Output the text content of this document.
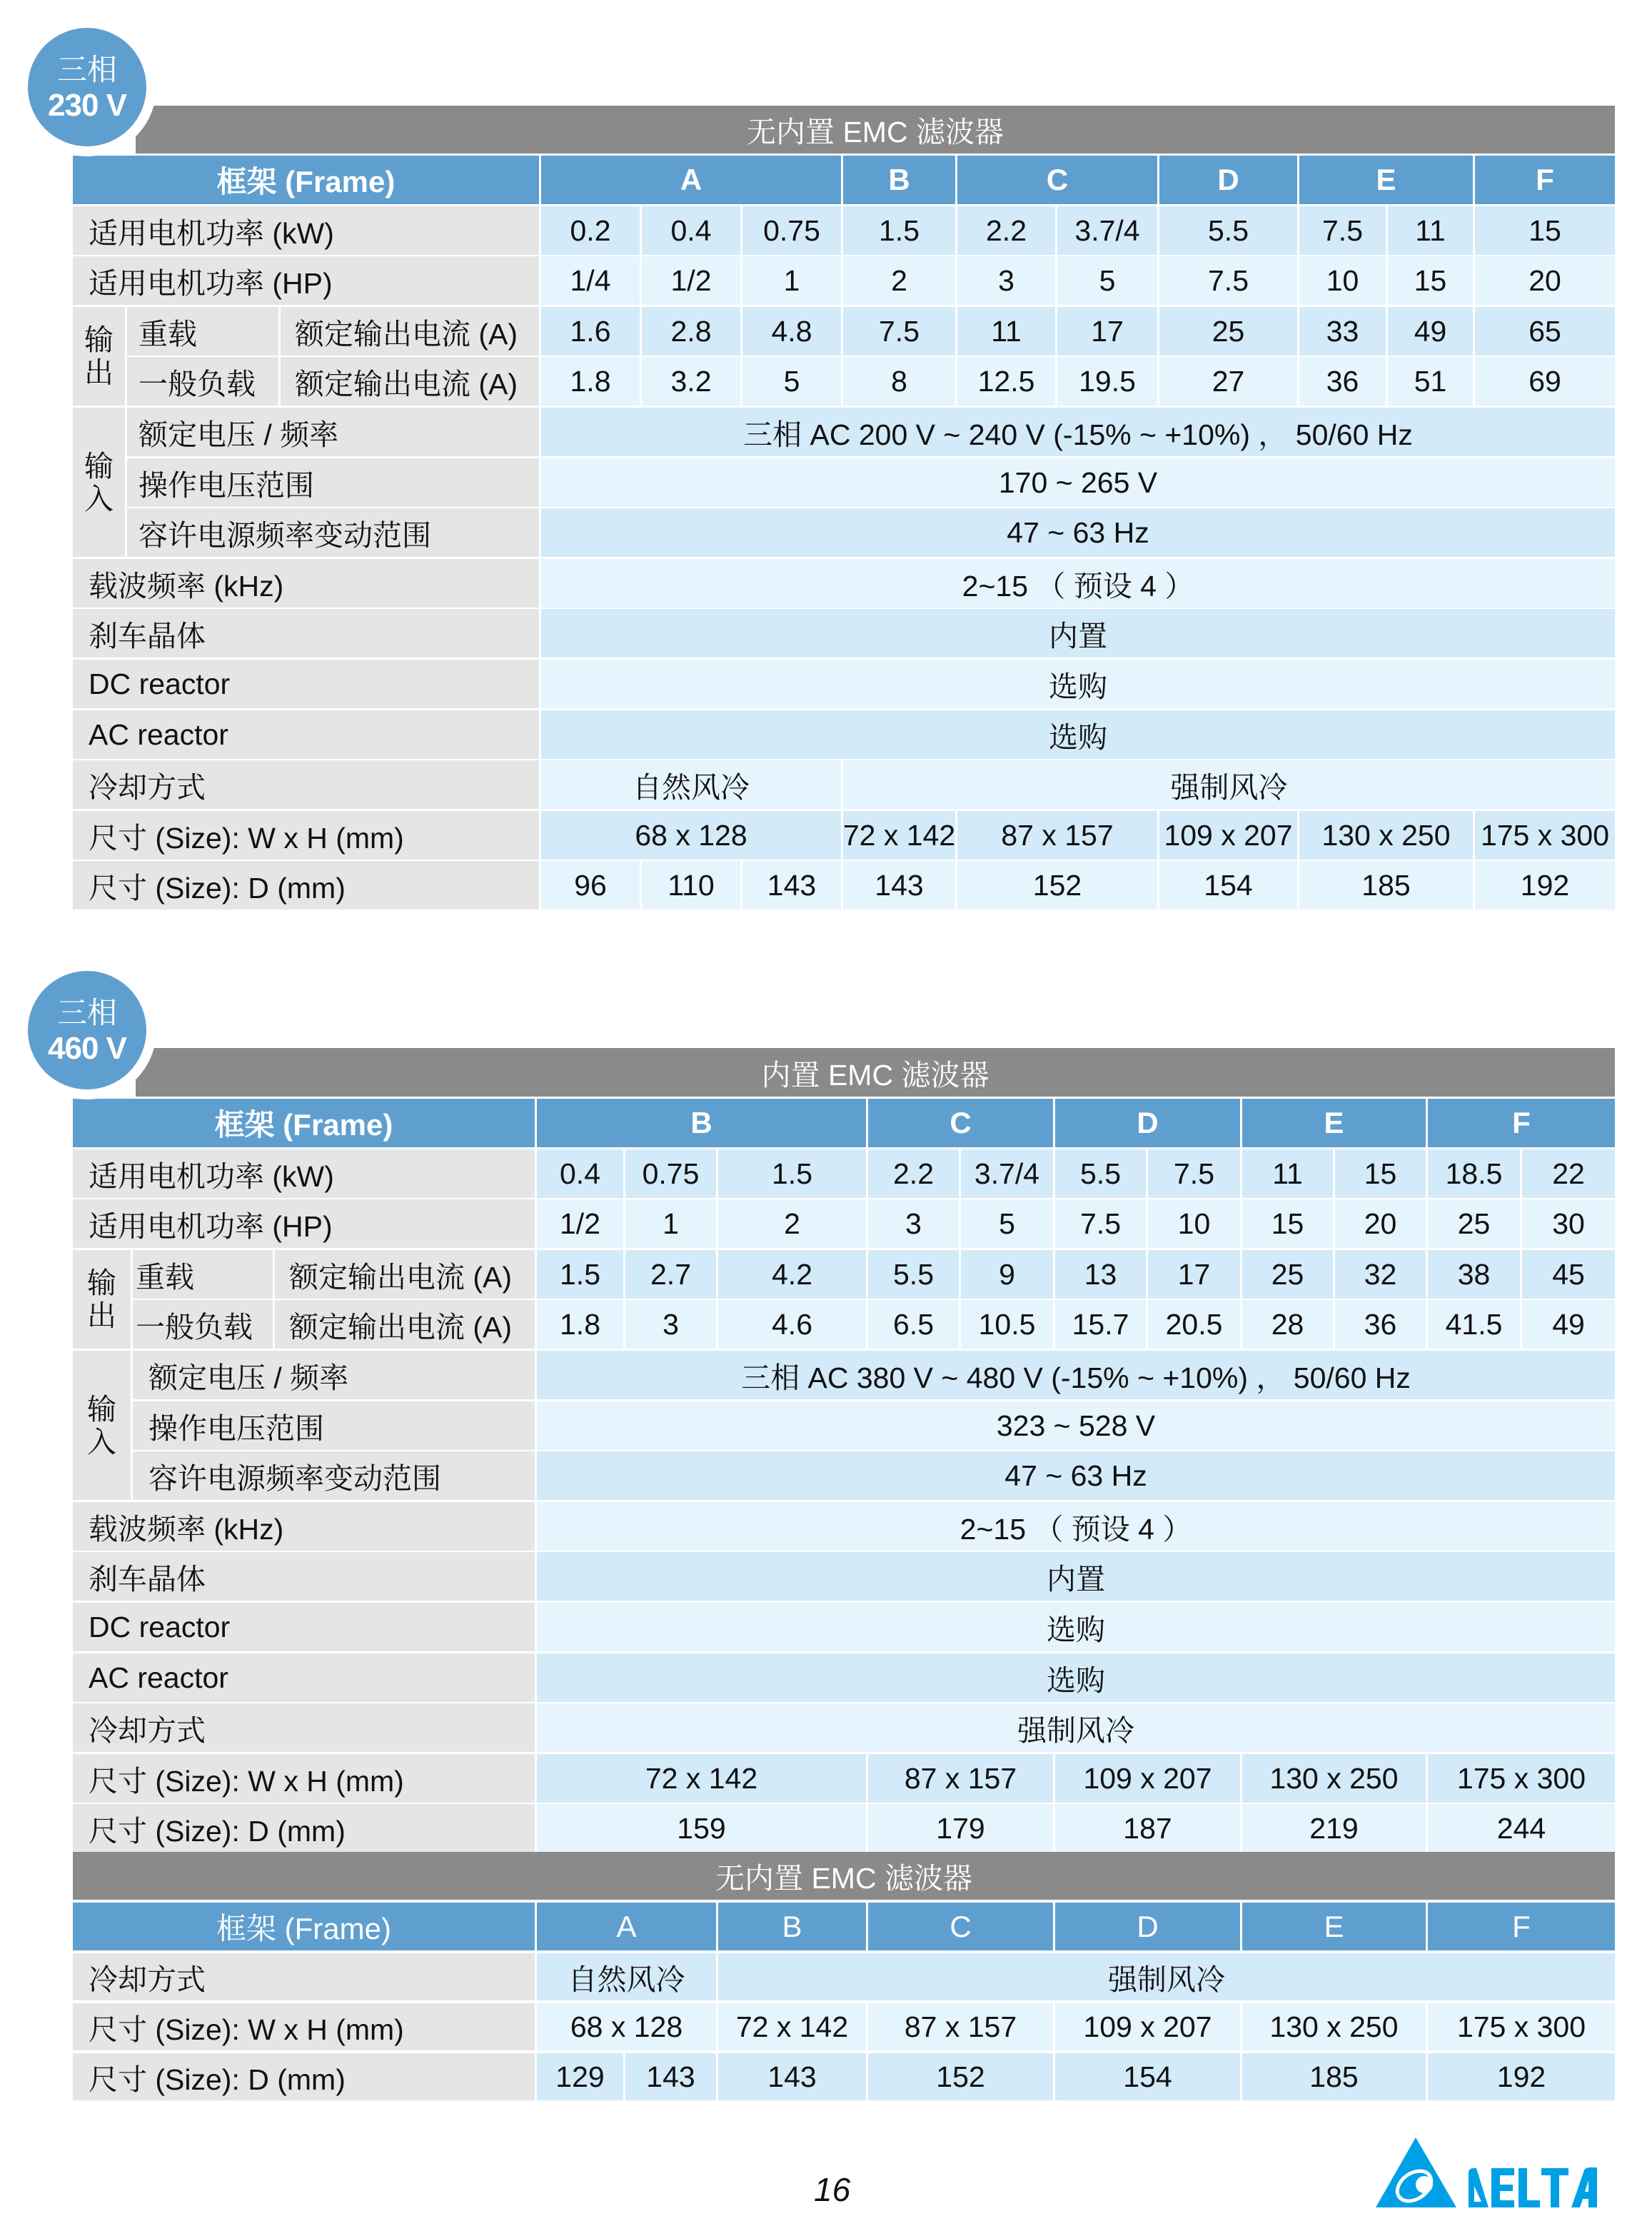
三相
230 V
三相
460 V
无内置 EMC 滤波器
框架 (Frame)	A	B	C	D	E	F
适用电机功率 (kW)	0.2	0.4	0.75	1.5	2.2	3.7/4	5.5	7.5	11	15
适用电机功率 (HP)	1/4	1/2	1	2	3	5	7.5	10	15	20
输
出
重载	额定输出电流 (A)	1.6	2.8	4.8	7.5	11	17	25	33	49	65
一般负载	额定输出电流 (A)	1.8	3.2	5	8	12.5	19.5	27	36	51	69
输
入
额定电压 / 频率	三相 AC 200 V ~ 240 V (-15% ~ +10%) ， 50/60 Hz
操作电压范围	170 ~ 265 V
容许电源频率变动范围	47 ~ 63 Hz
载波频率 (kHz)	2~15 （ 预设 4 ）
刹车晶体	内置
DC reactor	选购
AC reactor	选购
冷却方式	自然风冷	强制风冷
尺寸 (Size): W x H (mm)	68 x 128	72 x 142	87 x 157	109 x 207 130 x 250	175 x 300
尺寸 (Size): D (mm)	96	110	143	143	152	154	185	192
内置 EMC 滤波器
框架 (Frame)	B	C	D	E	F
适用电机功率 (kW)	0.4	0.75	1.5	2.2	3.7/4	5.5	7.5	11	15	18.5	22
适用电机功率 (HP)	1/2	1	2	3	5	7.5	10	15	20	25	30
输
出
重载	额定输出电流 (A)	1.5	2.7	4.2	5.5	9	13	17	25	32	38	45
一般负载	额定输出电流 (A)	1.8	3	4.6	6.5	10.5	15.7	20.5	28	36	41.5	49
输
入
额定电压 / 频率	三相 AC 380 V ~ 480 V (-15% ~ +10%) ， 50/60 Hz
操作电压范围	323 ~ 528 V
容许电源频率变动范围	47 ~ 63 Hz
载波频率 (kHz)	2~15 （ 预设 4 ）
刹车晶体	内置
DC reactor	选购
AC reactor	选购
冷却方式	强制风冷
尺寸 (Size): W x H (mm)	72 x 142	87 x 157	109 x 207	130 x 250	175 x 300
尺寸 (Size): D (mm)	159	179	187	219	244
无内置 EMC 滤波器
框架 (Frame)	A	B	C	D	E	F
冷却方式	自然风冷	强制风冷
尺寸 (Size): W x H (mm)	68 x 128	72 x 142	87 x 157	109 x 207	130 x 250	175 x 300
尺寸 (Size): D (mm)	129	143	143	152	154	185	192
16
